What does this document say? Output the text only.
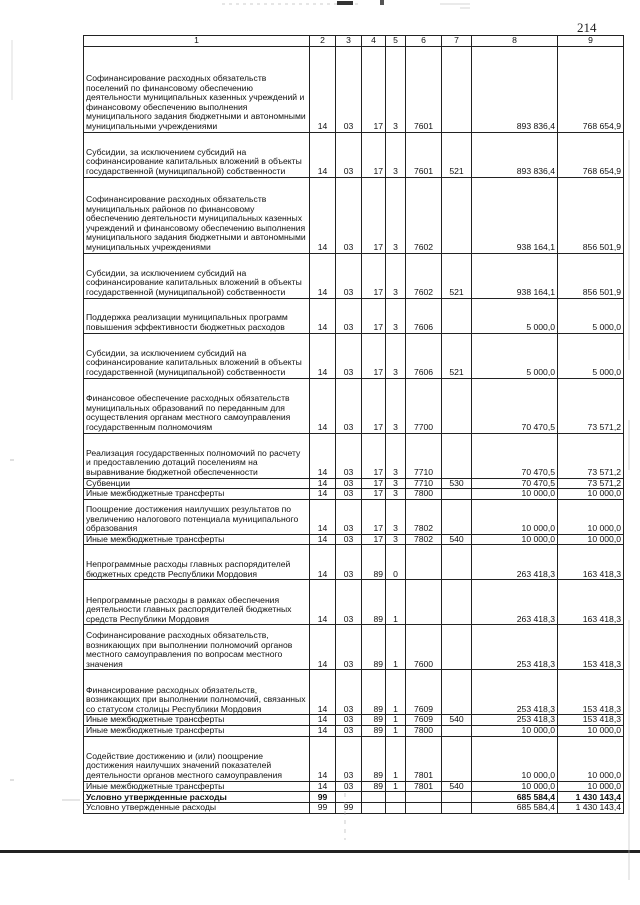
214
1	2	3	4	5	6	7	8	9
Софинансирование расходных обязательств поселений по финансовому обеспечению деятельности муниципальных казенных учреждений и финансовому обеспечению выполнения муниципального задания бюджетными и автономными муниципальными учреждениями	14	03	17	3	7601		893 836,4	768 654,9
Субсидии, за исключением субсидий на софинансирование капитальных вложений в объекты государственной (муниципальной) собственности	14	03	17	3	7601	521	893 836,4	768 654,9
Софинансирование расходных обязательств муниципальных районов по финансовому обеспечению деятельности муниципальных казенных учреждений и финансовому обеспечению выполнения муниципального задания бюджетными и автономными муниципальных учреждениями	14	03	17	3	7602		938 164,1	856 501,9
Субсидии, за исключением субсидий на софинансирование капитальных вложений в объекты государственной (муниципальной) собственности	14	03	17	3	7602	521	938 164,1	856 501,9
Поддержка реализации муниципальных программ повышения эффективности бюджетных расходов	14	03	17	3	7606		5 000,0	5 000,0
Субсидии, за исключением субсидий на софинансирование капитальных вложений в объекты государственной (муниципальной) собственности	14	03	17	3	7606	521	5 000,0	5 000,0
Финансовое обеспечение расходных обязательств муниципальных образований по переданным для осуществления органам местного самоуправления государственным полномочиям	14	03	17	3	7700		70 470,5	73 571,2
Реализация государственных полномочий по расчету и предоставлению дотаций поселениям на выравнивание бюджетной обеспеченности	14	03	17	3	7710		70 470,5	73 571,2
Субвенции	14	03	17	3	7710	530	70 470,5	73 571,2
Иные межбюджетные трансферты	14	03	17	3	7800		10 000,0	10 000,0
Поощрение достижения наилучших результатов по увеличению налогового потенциала муниципального образования	14	03	17	3	7802		10 000,0	10 000,0
Иные межбюджетные трансферты	14	03	17	3	7802	540	10 000,0	10 000,0
Непрограммные расходы главных распорядителей бюджетных средств Республики Мордовия	14	03	89	0			263 418,3	163 418,3
Непрограммные расходы в рамках обеспечения деятельности главных распорядителей бюджетных средств Республики Мордовия	14	03	89	1			263 418,3	163 418,3
Софинансирование расходных обязательств, возникающих при выполнении полномочий органов местного самоуправления по вопросам местного значения	14	03	89	1	7600		253 418,3	153 418,3
Финансирование расходных обязательств, возникающих при выполнении полномочий, связанных со статусом столицы Республики Мордовия	14	03	89	1	7609		253 418,3	153 418,3
Иные межбюджетные трансферты	14	03	89	1	7609	540	253 418,3	153 418,3
Иные межбюджетные трансферты	14	03	89	1	7800		10 000,0	10 000,0
Содействие достижению и (или) поощрение достижения наилучших значений показателей деятельности органов местного самоуправления	14	03	89	1	7801		10 000,0	10 000,0
Иные межбюджетные трансферты	14	03	89	1	7801	540	10 000,0	10 000,0
Условно утвержденные расходы	99						685 584,4	1 430 143,4
Условно утвержденные расходы	99	99					685 584,4	1 430 143,4
